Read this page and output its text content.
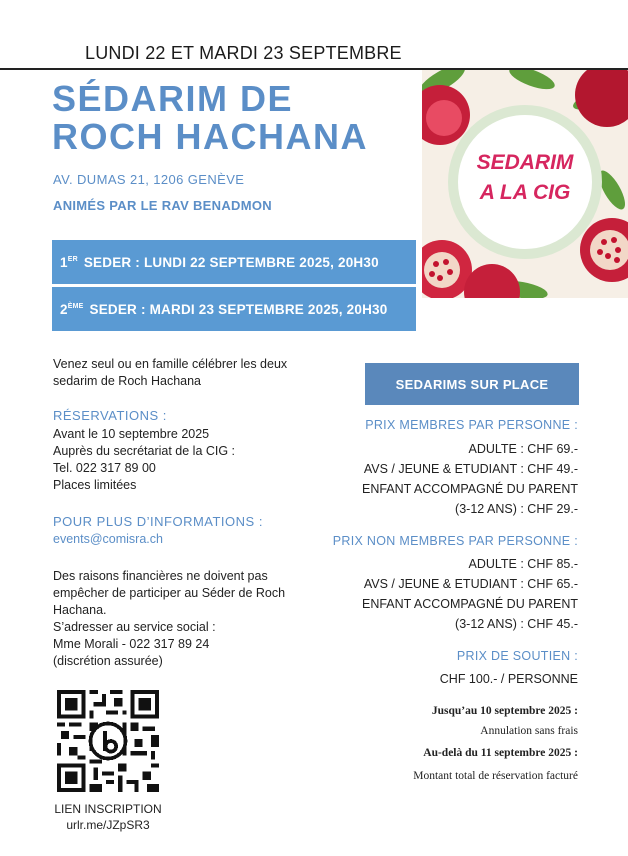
LUNDI 22 ET MARDI 23 SEPTEMBRE
SÉDARIM DE
ROCH HACHANA
AV. DUMAS 21, 1206 GENÈVE
ANIMÉS PAR LE RAV BENADMON
1ER SEDER : LUNDI 22 SEPTEMBRE 2025, 20H30
2ÈME SEDER : MARDI 23 SEPTEMBRE 2025, 20H30
SEDARIM
A LA CIG
Venez seul ou en famille célébrer les deux
sedarim de Roch Hachana
RÉSERVATIONS :
Avant le 10 septembre 2025
Auprès du secrétariat de la CIG :
Tel. 022 317 89 00
Places limitées
POUR PLUS D’INFORMATIONS :
events@comisra.ch
Des raisons financières ne doivent pas
empêcher de participer au Séder de Roch
Hachana.
S’adresser au service social :
Mme Morali - 022 317 89 24
(discrétion assurée)
LIEN INSCRIPTION
urlr.me/JZpSR3
SEDARIMS SUR PLACE
PRIX MEMBRES PAR PERSONNE :
ADULTE : CHF 69.-
AVS / JEUNE & ETUDIANT : CHF 49.-
ENFANT ACCOMPAGNÉ DU PARENT
(3-12 ANS) : CHF 29.-
PRIX NON MEMBRES PAR PERSONNE :
ADULTE : CHF 85.-
AVS / JEUNE & ETUDIANT : CHF 65.-
ENFANT ACCOMPAGNÉ DU PARENT
(3-12 ANS) : CHF 45.-
PRIX DE SOUTIEN :
CHF 100.- / PERSONNE
Jusqu’au 10 septembre 2025 :
Annulation sans frais
Au-delà du 11 septembre 2025 :
Montant total de réservation facturé
